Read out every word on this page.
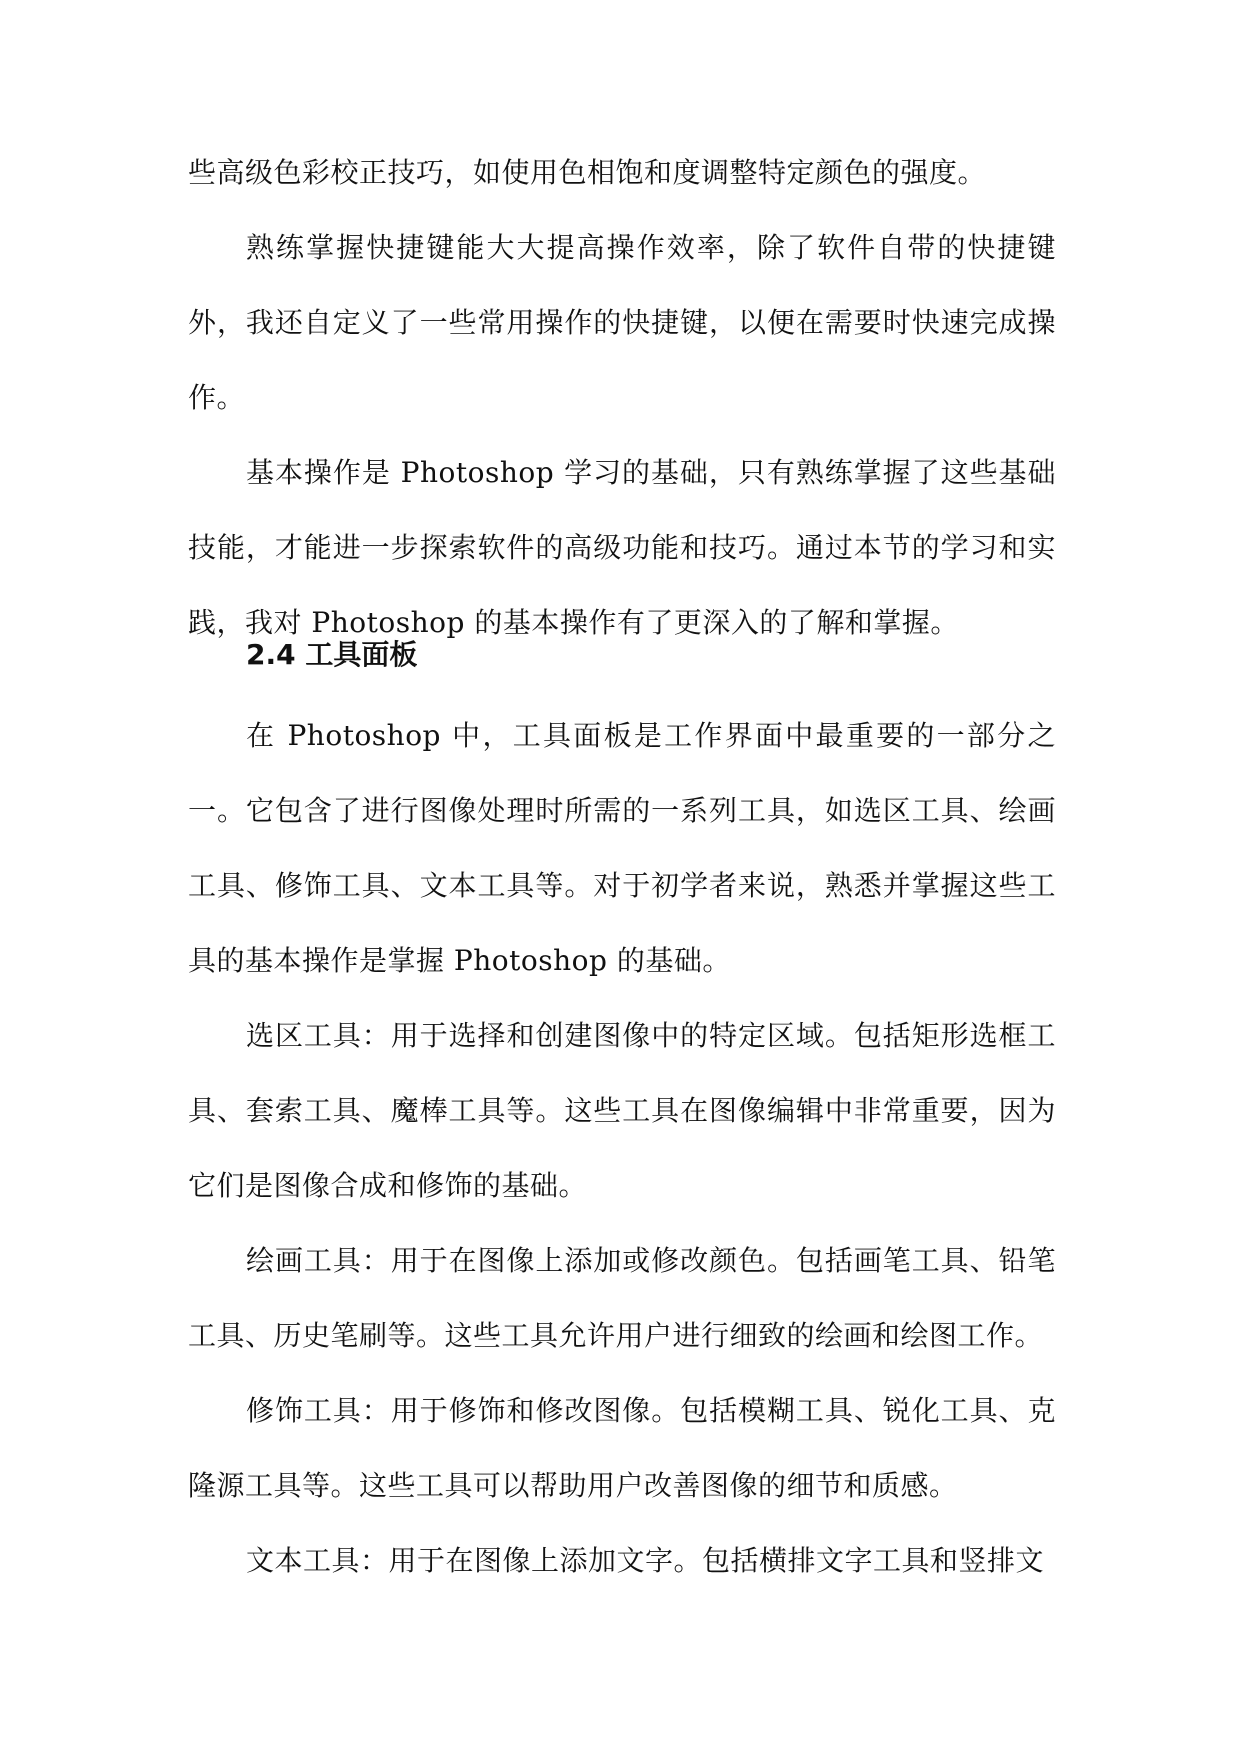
些高级色彩校正技巧，如使用色相饱和度调整特定颜色的强度。

熟练掌握快捷键能大大提高操作效率，除了软件自带的快捷键外，我还自定义了一些常用操作的快捷键，以便在需要时快速完成操作。

基本操作是 Photoshop 学习的基础，只有熟练掌握了这些基础技能，才能进一步探索软件的高级功能和技巧。通过本节的学习和实践，我对 Photoshop 的基本操作有了更深入的了解和掌握。

2.4 工具面板

在 Photoshop 中，工具面板是工作界面中最重要的一部分之一。它包含了进行图像处理时所需的一系列工具，如选区工具、绘画工具、修饰工具、文本工具等。对于初学者来说，熟悉并掌握这些工具的基本操作是掌握 Photoshop 的基础。

选区工具：用于选择和创建图像中的特定区域。包括矩形选框工具、套索工具、魔棒工具等。这些工具在图像编辑中非常重要，因为它们是图像合成和修饰的基础。

绘画工具：用于在图像上添加或修改颜色。包括画笔工具、铅笔工具、历史笔刷等。这些工具允许用户进行细致的绘画和绘图工作。

修饰工具：用于修饰和修改图像。包括模糊工具、锐化工具、克隆源工具等。这些工具可以帮助用户改善图像的细节和质感。

文本工具：用于在图像上添加文字。包括横排文字工具和竖排文
